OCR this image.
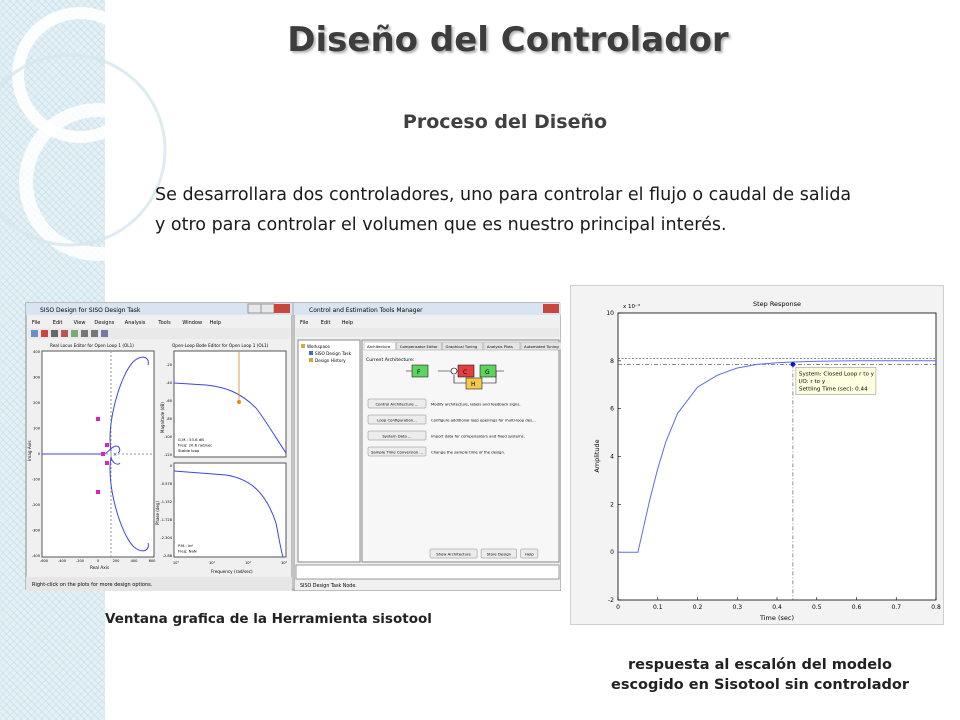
Diseño del Controlador
Proceso del Diseño
Se desarrollara dos controladores, uno para controlar el flujo o caudal de salida y otro para controlar el volumen que es nuestro principal interés.
SISO Design for SISO Design Task
File Edit View Designs Analysis	Tools Window Help
Real Locus Editor for Open Loop 1 (OL1)
400
300
200
100
0
-100
-200
-300
-400
-600	-400	-200	0	200	400	600
Real Axis
Imag Axis	×
Open-Loop Bode Editor for Open Loop 1 (OL1)
-20
-40
-60
-80
-100
-120
Magnitude (dB)
G.M.: 53.8 dB
Freq: 20.6 rad/sec
Stable loop
0
-0.576
-1.152
-1.728
-2.304
-2.88
Phase (deg)
P.M.: Inf
Freq: NaN
10°	10¹	10²	10³
Frequency (rad/sec)
Right-click on the plots for more design options.
Control and Estimation Tools Manager
File Edit Help
Workspace
SISO Design Task
Design History
Architecture	Compensator Editor Graphical Tuning	Analysis Plots	Automated Tuning
Current Architecture:
F	C	G
H
Control Architecture ...	Modify architecture, labels and feedback signs.
Loop Configuration...	Configure additional loop openings for multi-loop des...
System Data ...	Import data for compensators and fixed systems.
Sample Time Conversion ... Change the sample time of the design.
Show Architecture	Store Design	Help
SISO Design Task Node.
Ventana grafica de la Herramienta sisotool
Step Response
x 10⁻³
Time (sec)
Amplitude
0	0.1	0.2	0.3	0.4	0.5	0.6	0.7	0.8
-2
0
2
4
6
8
10
System: Closed Loop r to y
I/O: r to y
Settling Time (sec): 0.44
respuesta al escalón del modelo
escogido en Sisotool sin controlador
